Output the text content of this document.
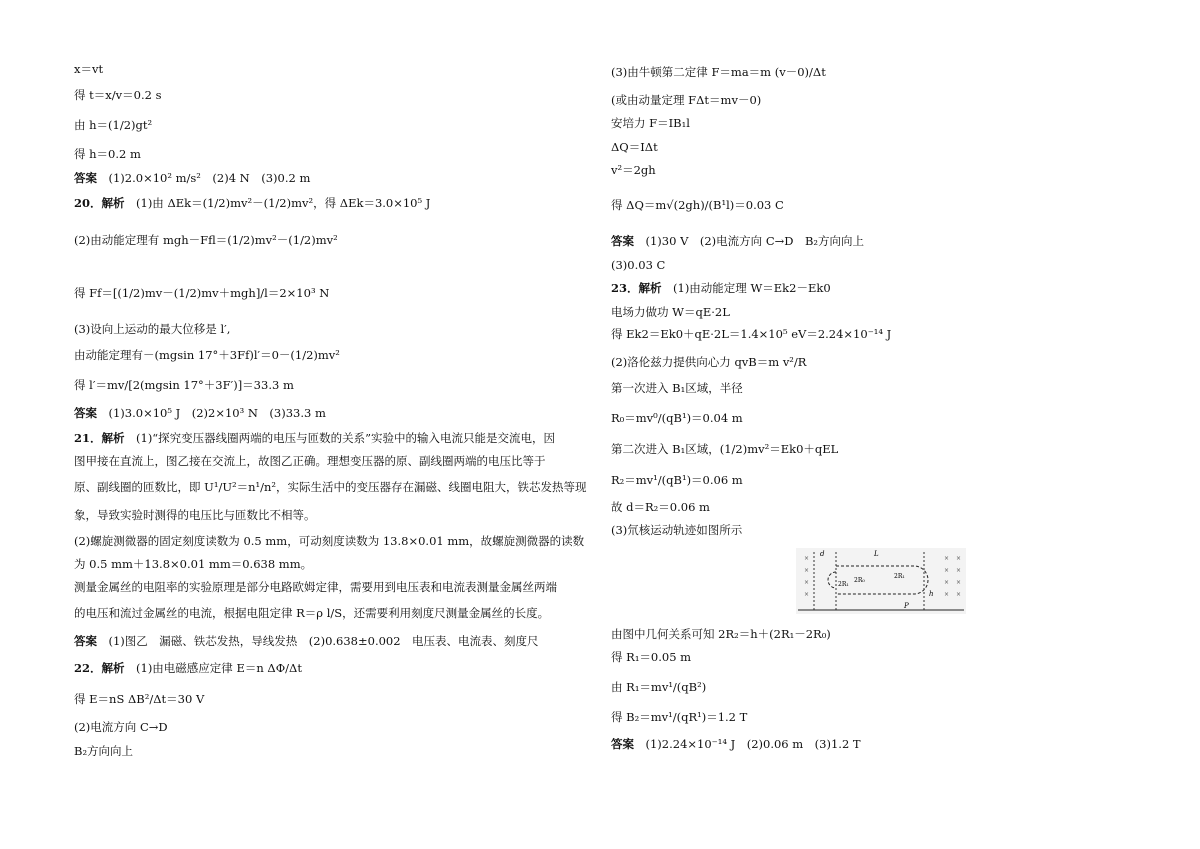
x＝vt
得 t＝x/v＝0.2 s
由 h＝(1/2)gt²
得 h＝0.2 m
答案　(1)2.0×10² m/s²　(2)4 N　(3)0.2 m
20．解析　(1)由 ΔEk＝(1/2)mv²－(1/2)mv²，得 ΔEk＝3.0×10⁵ J
(2)由动能定理有 mgh－Ffl＝(1/2)mv²－(1/2)mv²
得 Ff＝[(1/2)mv－(1/2)mv＋mgh]/l＝2×10³ N
(3)设向上运动的最大位移是 l′,
由动能定理有－(mgsin 17°＋3Ff)l′＝0－(1/2)mv²
得 l′＝mv/[2(mgsin 17°＋3F′)]＝33.3 m
答案　(1)3.0×10⁵ J　(2)2×10³ N　(3)33.3 m
21．解析　(1)“探究变压器线圈两端的电压与匝数的关系”实验中的输入电流只能是交流电，因
图甲接在直流上，图乙接在交流上，故图乙正确。理想变压器的原、副线圈两端的电压比等于
原、副线圈的匝数比，即 U¹/U²＝n¹/n²，实际生活中的变压器存在漏磁、线圈电阻大，铁芯发热等现
象，导致实验时测得的电压比与匝数比不相等。
(2)螺旋测微器的固定刻度读数为 0.5 mm，可动刻度读数为 13.8×0.01 mm，故螺旋测微器的读数
为 0.5 mm＋13.8×0.01 mm＝0.638 mm。
测量金属丝的电阻率的实验原理是部分电路欧姆定律，需要用到电压表和电流表测量金属丝两端
的电压和流过金属丝的电流，根据电阻定律 R＝ρ l/S，还需要利用刻度尺测量金属丝的长度。
答案　(1)图乙　漏磁、铁芯发热，导线发热　(2)0.638±0.002　电压表、电流表、刻度尺
22．解析　(1)由电磁感应定律 E＝n ΔΦ/Δt
得 E＝nS ΔB²/Δt＝30 V
(2)电流方向 C→D
B₂方向向上
(3)由牛顿第二定律 F＝ma＝m (v－0)/Δt
(或由动量定理 FΔt＝mv－0)
安培力 F＝IB₁l
ΔQ＝IΔt
v²＝2gh
得 ΔQ＝m√(2gh)/(B¹l)＝0.03 C
答案　(1)30 V　(2)电流方向 C→D　B₂方向向上
(3)0.03 C
23．解析　(1)由动能定理 W＝Ek2－Ek0
电场力做功 W＝qE·2L
得 Ek2＝Ek0＋qE·2L＝1.4×10⁵ eV＝2.24×10⁻¹⁴ J
(2)洛伦兹力提供向心力 qvB＝m v²/R
第一次进入 B₁区域，半径
R₀＝mv⁰/(qB¹)＝0.04 m
第二次进入 B₁区域，(1/2)mv²＝Ek0＋qEL
R₂＝mv¹/(qB¹)＝0.06 m
故 d＝R₂＝0.06 m
(3)氘核运动轨迹如图所示
由图中几何关系可知 2R₂＝h＋(2R₁－2R₀)
得 R₁＝0.05 m
由 R₁＝mv¹/(qB²)
得 B₂＝mv¹/(qR¹)＝1.2 T
答案　(1)2.24×10⁻¹⁴ J　(2)0.06 m　(3)1.2 T
×
×
×
×
×
×
×
×
×
×
×
×
d	L
2R₁
2R₀
2R₁
h
P
